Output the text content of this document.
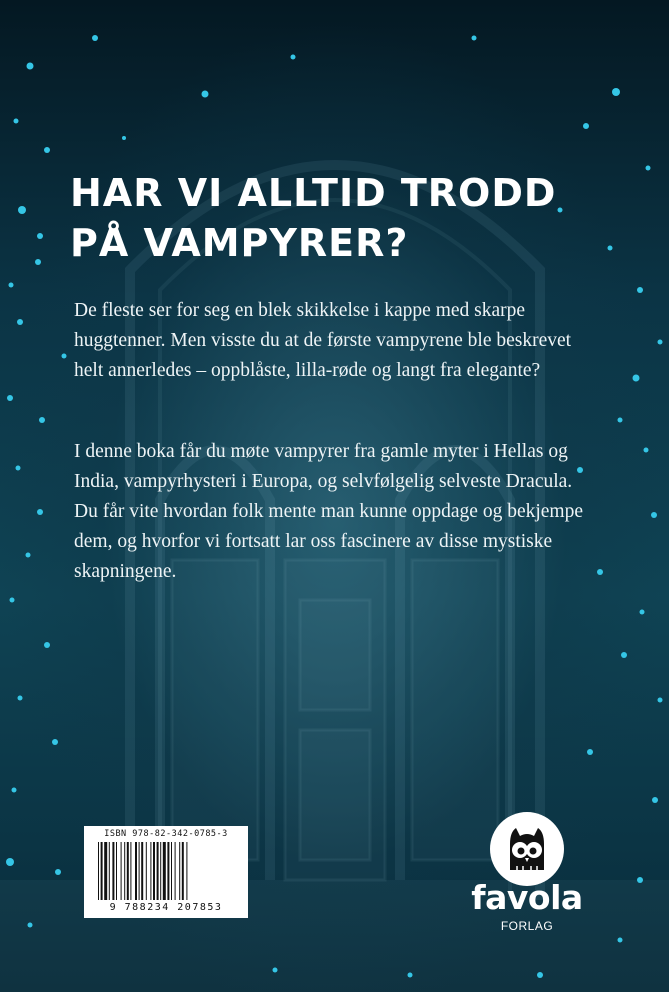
HAR VI ALLTID TRODD
PÅ VAMPYRER?

De fleste ser for seg en blek skikkelse i kappe med skarpe huggtenner. Men visste du at de første vampyrene ble beskrevet helt annerledes – oppblåste, lilla-røde og langt fra elegante?

I denne boka får du møte vampyrer fra gamle myter i Hellas og India, vampyrhysteri i Europa, og selvfølgelig selveste Dracula. Du får vite hvordan folk mente man kunne oppdage og bekjempe dem, og hvorfor vi fortsatt lar oss fascinere av disse mystiske skapningene.

ISBN 978-82-342-0785-3
9 788234 207853	favola
FORLAG
